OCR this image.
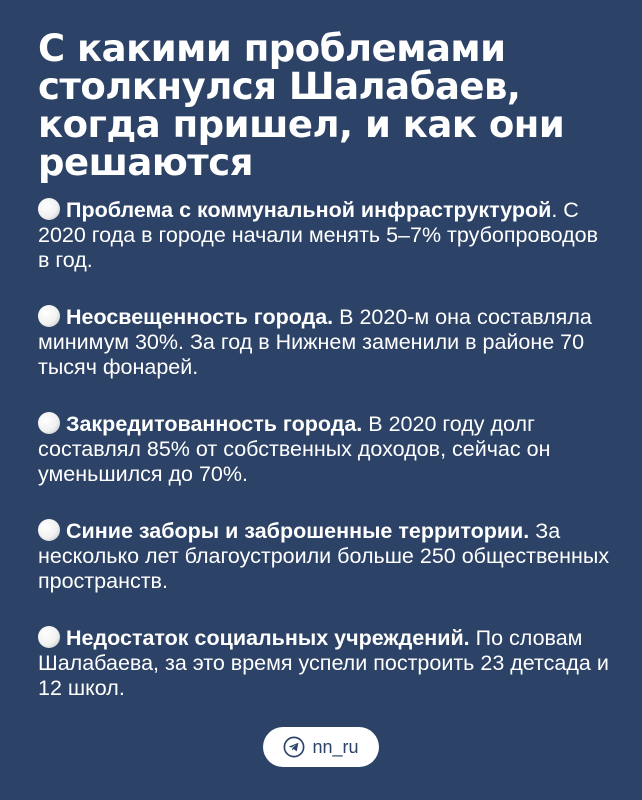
С какими проблемами столкнулся Шалабаев, когда пришел, и как они решаются
Проблема с коммунальной инфраструктурой. С 2020 года в городе начали менять 5–7% трубопроводов в год.
Неосвещенность города. В 2020-м она составляла минимум 30%. За год в Нижнем заменили в районе 70 тысяч фонарей.
Закредитованность города. В 2020 году долг составлял 85% от собственных доходов, сейчас он уменьшился до 70%.
Синие заборы и заброшенные территории. За несколько лет благоустроили больше 250 общественных пространств.
Недостаток социальных учреждений. По словам Шалабаева, за это время успели построить 23 детсада и 12 школ.
nn_ru
